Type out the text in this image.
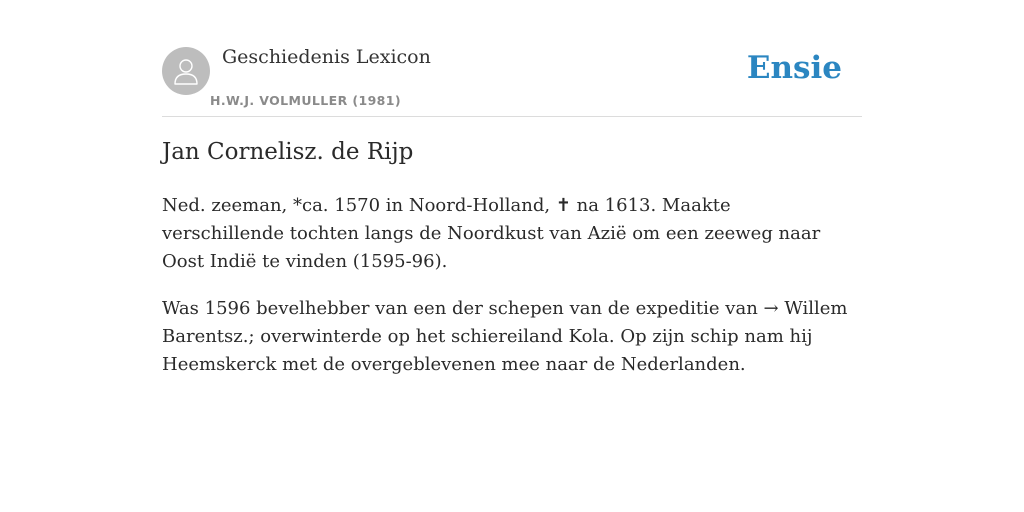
Geschiedenis Lexicon
H.W.J. VOLMULLER (1981)
Ensie
Jan Cornelisz. de Rijp

Ned. zeeman, *ca. 1570 in Noord-Holland, ✝ na 1613. Maakte verschillende tochten langs de Noordkust van Azië om een zeeweg naar Oost Indië te vinden (1595-96).

Was 1596 bevelhebber van een der schepen van de expeditie van → Willem Barentsz.; overwinterde op het schiereiland Kola. Op zijn schip nam hij Heemskerck met de overgeblevenen mee naar de Nederlanden.
